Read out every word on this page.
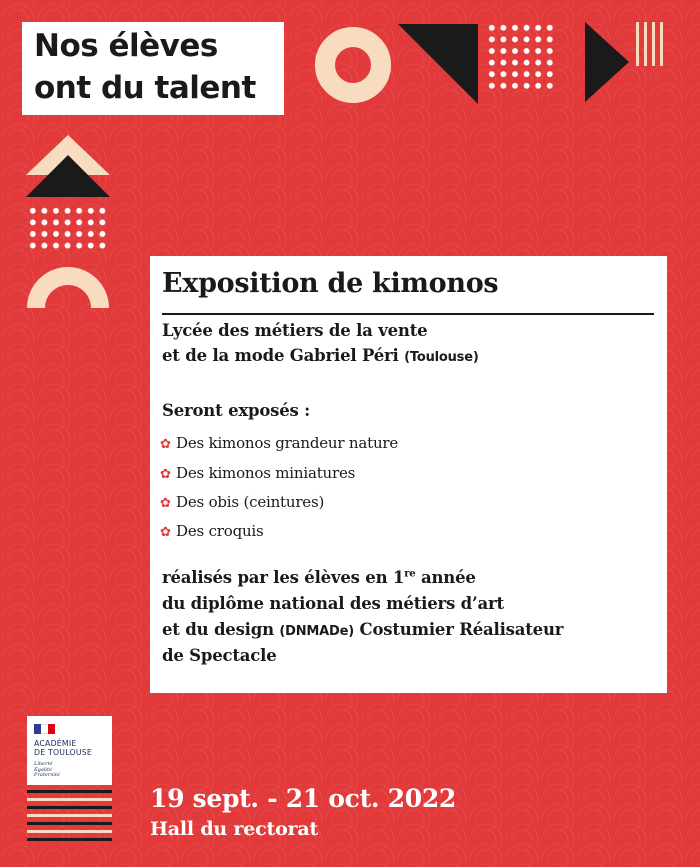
Nos élèves
ont du talent
Exposition de kimonos
Lycée des métiers de la vente
et de la mode Gabriel Péri (Toulouse)
Seront exposés :
✿ Des kimonos grandeur nature
✿ Des kimonos miniatures
✿ Des obis (ceintures)
✿ Des croquis
réalisés par les élèves en 1re année
du diplôme national des métiers d’art
et du design (DNMADe) Costumier Réalisateur
de Spectacle
ACADÉMIE
DE TOULOUSE
Liberté
Égalité
Fraternité
19 sept. - 21 oct. 2022
Hall du rectorat
